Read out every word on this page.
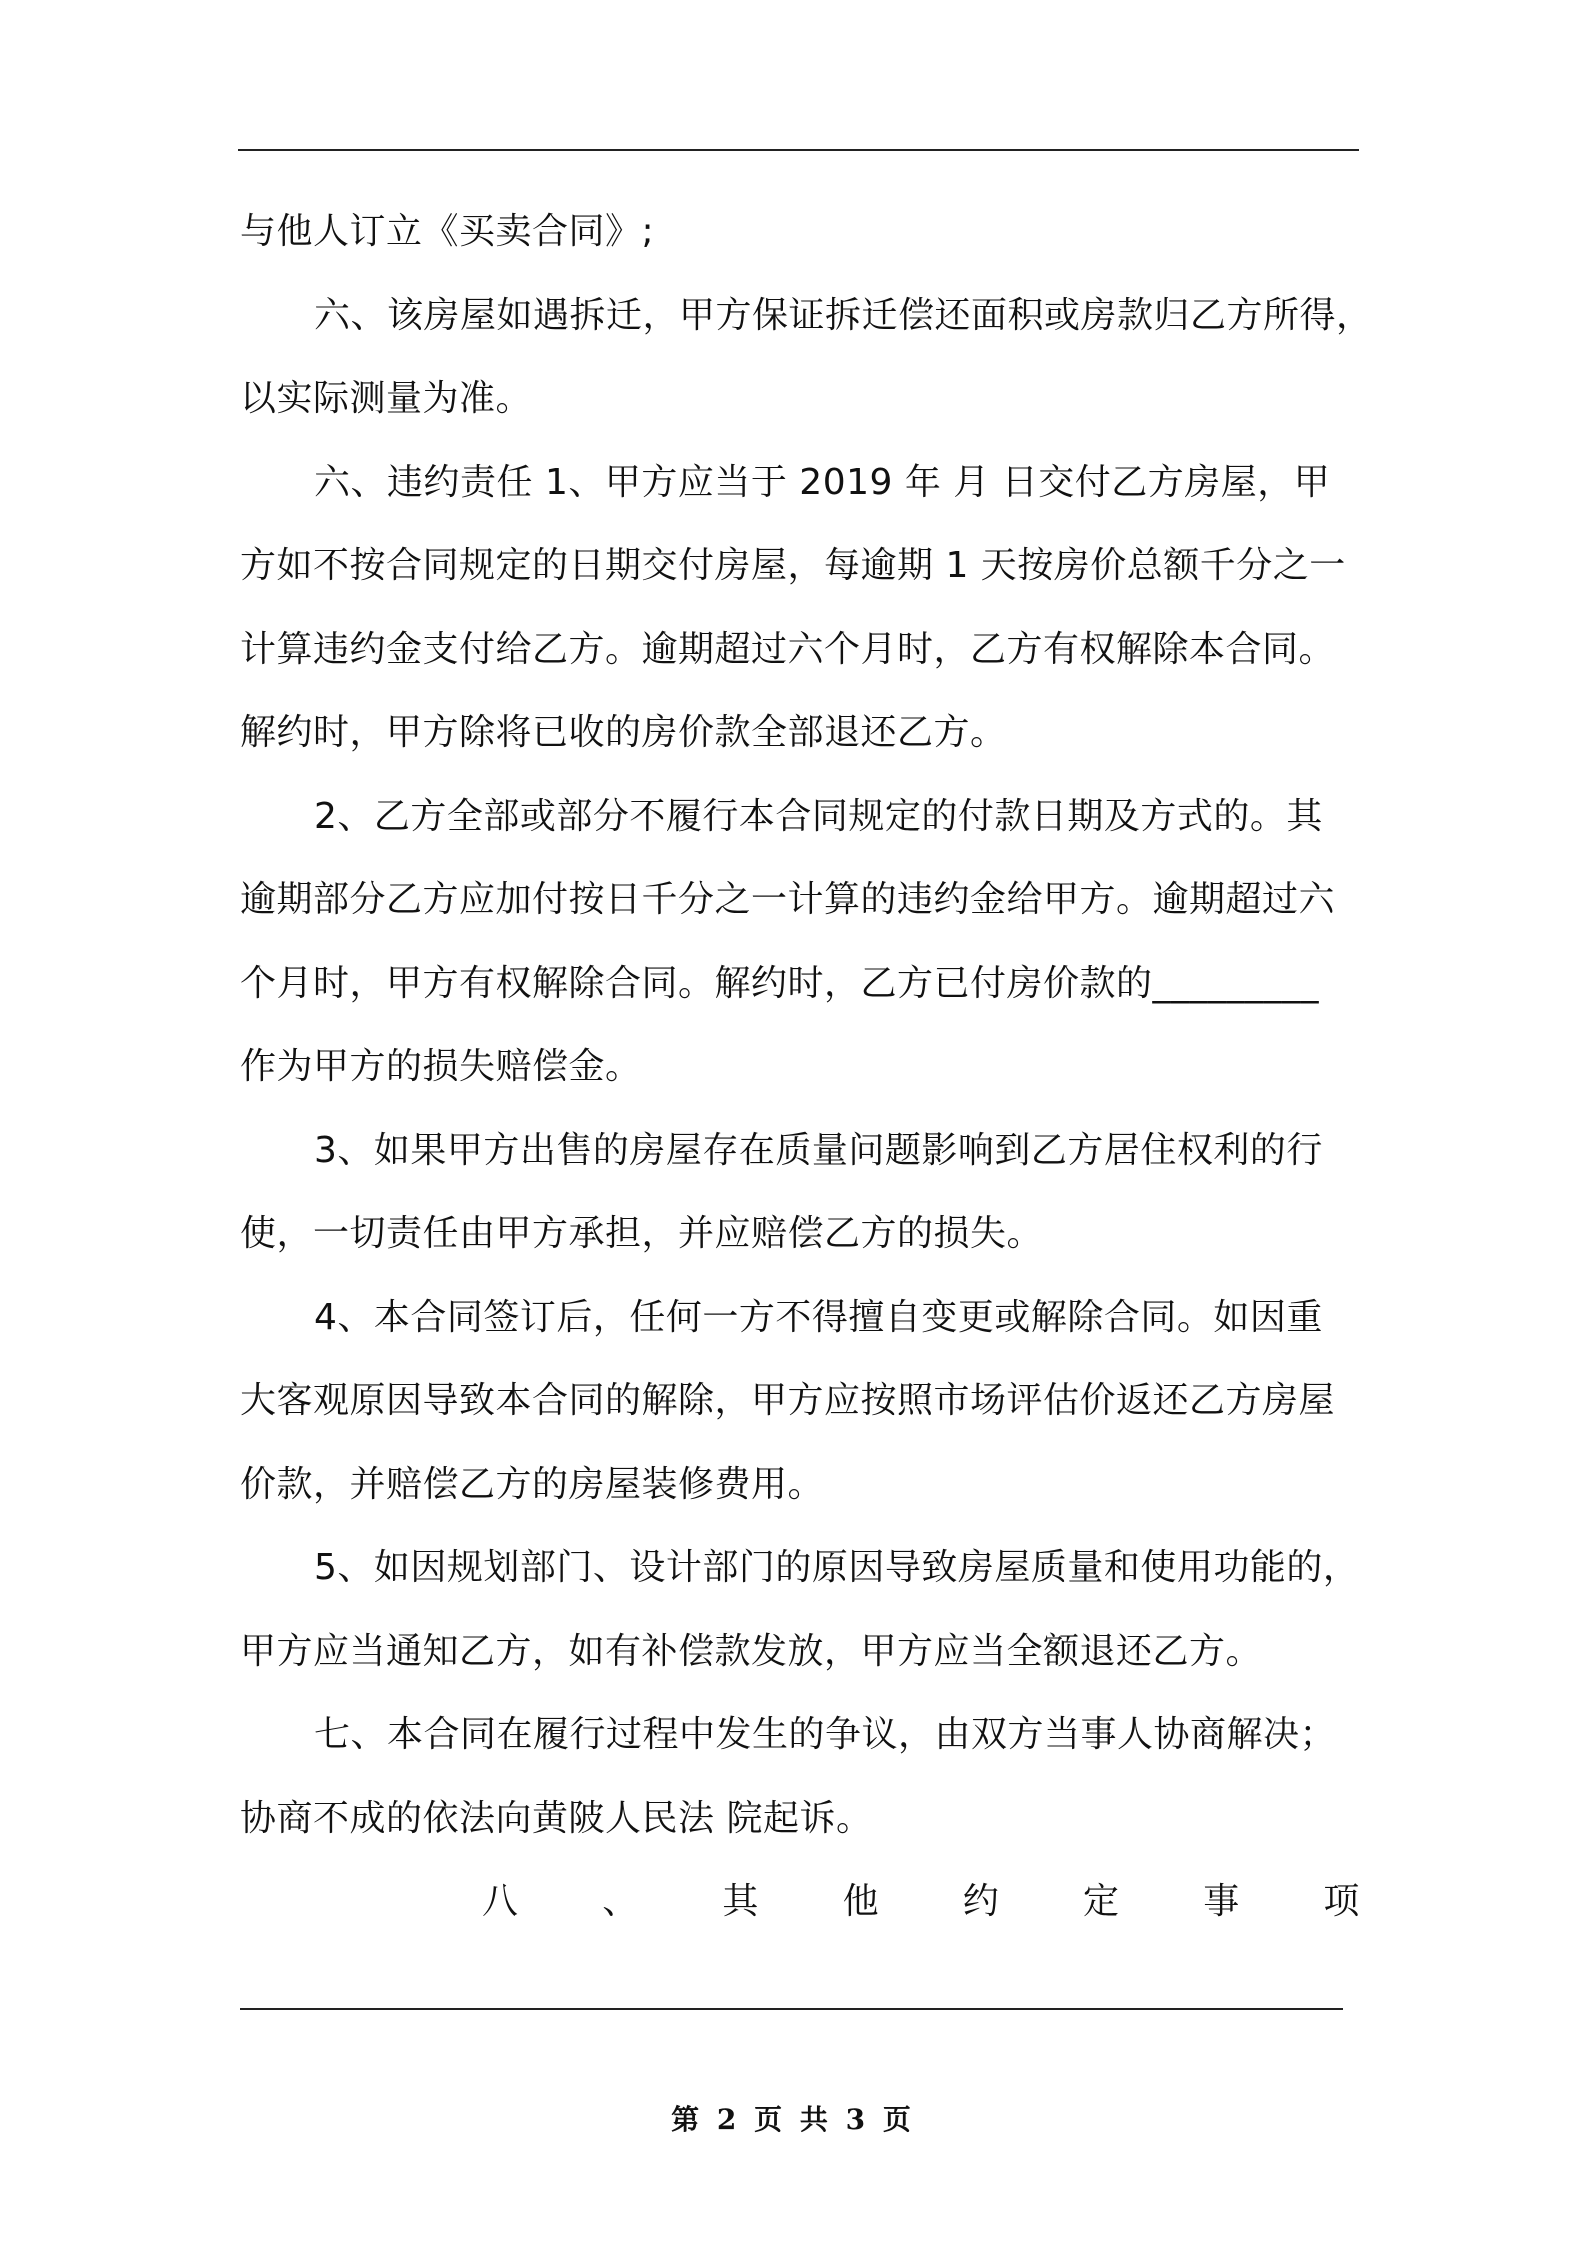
与他人订立《买卖合同》;
六、该房屋如遇拆迁，甲方保证拆迁偿还面积或房款归乙方所得，
以实际测量为准。
六、违约责任 1、甲方应当于 2019 年 月 日交付乙方房屋，甲
方如不按合同规定的日期交付房屋，每逾期 1 天按房价总额千分之一
计算违约金支付给乙方。逾期超过六个月时，乙方有权解除本合同。
解约时，甲方除将已收的房价款全部退还乙方。
2、乙方全部或部分不履行本合同规定的付款日期及方式的。其
逾期部分乙方应加付按日千分之一计算的违约金给甲方。逾期超过六
个月时，甲方有权解除合同。解约时，乙方已付房价款的_________
作为甲方的损失赔偿金。
3、如果甲方出售的房屋存在质量问题影响到乙方居住权利的行
使，一切责任由甲方承担，并应赔偿乙方的损失。
4、本合同签订后，任何一方不得擅自变更或解除合同。如因重
大客观原因导致本合同的解除，甲方应按照市场评估价返还乙方房屋
价款，并赔偿乙方的房屋装修费用。
5、如因规划部门、设计部门的原因导致房屋质量和使用功能的，
甲方应当通知乙方，如有补偿款发放，甲方应当全额退还乙方。
七、本合同在履行过程中发生的争议，由双方当事人协商解决；
协商不成的依法向黄陂人民法 院起诉。
八 、 其 他 约 定 事 项
第 2 页 共 3 页
